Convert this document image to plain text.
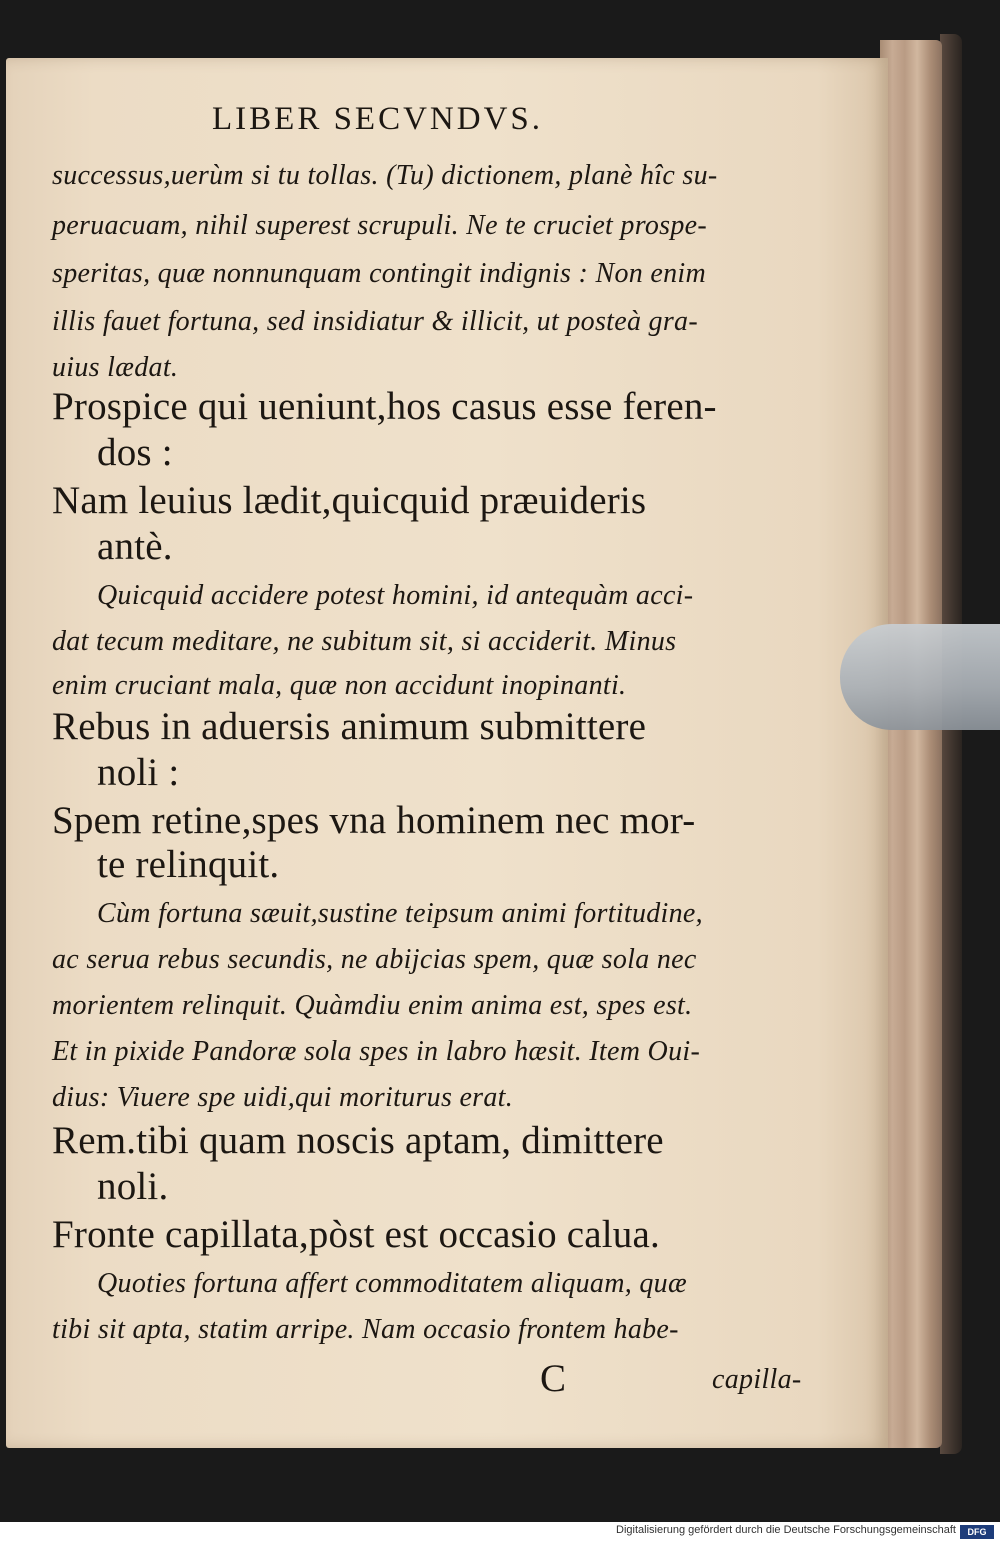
LIBER SECVNDVS.

successus,uerùm si tu tollas. (Tu) dictionem, planè hîc su-

peruacuam, nihil superest scrupuli. Ne te cruciet prospe-

speritas, quæ nonnunquam contingit indignis : Non enim

illis fauet fortuna, sed insidiatur & illicit, ut posteà gra-

uius lædat.

Prospice qui ueniunt,hos casus esse feren-

dos :

Nam leuius lædit,quicquid præuideris

antè.

Quicquid accidere potest homini, id antequàm acci-

dat tecum meditare, ne subitum sit, si acciderit. Minus

enim cruciant mala, quæ non accidunt inopinanti.

Rebus in aduersis animum submittere

noli :

Spem retine,spes vna hominem nec mor-

te relinquit.

Cùm fortuna sæuit,sustine teipsum animi fortitudine,

ac serua rebus secundis, ne abijcias spem, quæ sola nec

morientem relinquit. Quàmdiu enim anima est, spes est.

Et in pixide Pandoræ sola spes in labro hæsit. Item Oui-

dius: Viuere spe uidi,qui moriturus erat.

Rem.tibi quam noscis aptam, dimittere

noli.

Fronte capillata,pòst est occasio calua.

Quoties fortuna affert commoditatem aliquam, quæ

tibi sit apta, statim arripe. Nam occasio frontem habe-

C	capilla-

Digitalisierung gefördert durch die Deutsche Forschungsgemeinschaft	DFG
